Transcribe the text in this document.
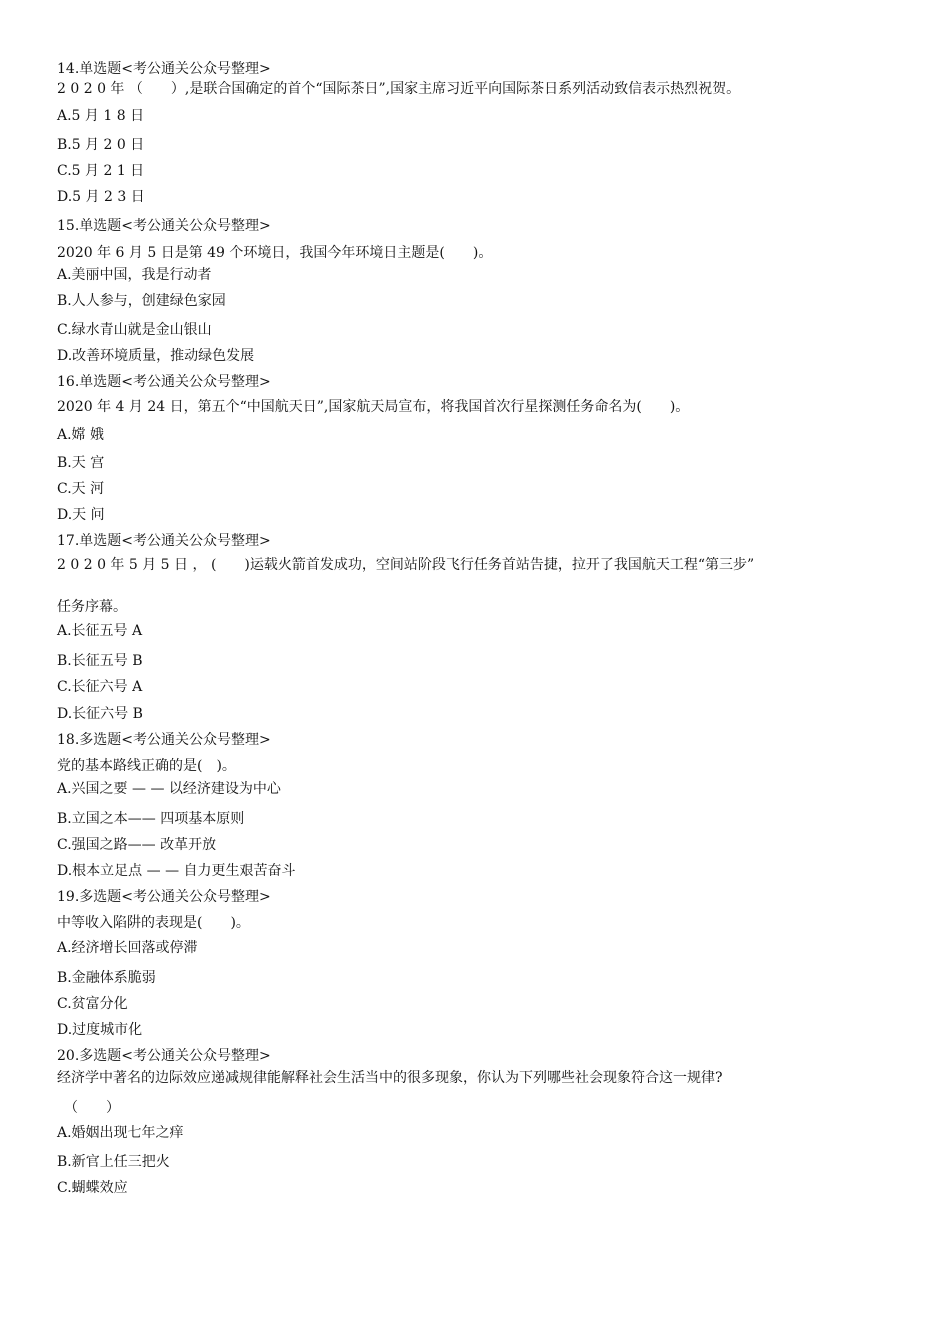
14.单选题<考公通关公众号整理>
2 0 2 0 年 （　　）,是联合国确定的首个“国际茶日”,国家主席习近平向国际茶日系列活动致信表示热烈祝贺。
A.5 月 1 8 日
B.5 月 2 0 日
C.5 月 2 1 日
D.5 月 2 3 日
15.单选题<考公通关公众号整理>
2020 年 6 月 5 日是第 49 个环境日，我国今年环境日主题是(　　)。
A.美丽中国，我是行动者
B.人人参与，创建绿色家园
C.绿水青山就是金山银山
D.改善环境质量，推动绿色发展
16.单选题<考公通关公众号整理>
2020 年 4 月 24 日，第五个“中国航天日”,国家航天局宣布，将我国首次行星探测任务命名为(　　)。
A.嫦 娥
B.天 宫
C.天 河
D.天 问
17.单选题<考公通关公众号整理>
2 0 2 0 年 5 月 5 日 ， (　　)运载火箭首发成功，空间站阶段飞行任务首站告捷，拉开了我国航天工程“第三步”
任务序幕。
A.长征五号 A
B.长征五号 B
C.长征六号 A
D.长征六号 B
18.多选题<考公通关公众号整理>
党的基本路线正确的是(　)。
A.兴国之要 — — 以经济建设为中心
B.立国之本—— 四项基本原则
C.强国之路—— 改革开放
D.根本立足点 — — 自力更生艰苦奋斗
19.多选题<考公通关公众号整理>
中等收入陷阱的表现是(　　)。
A.经济增长回落或停滞
B.金融体系脆弱
C.贫富分化
D.过度城市化
20.多选题<考公通关公众号整理>
经济学中著名的边际效应递减规律能解释社会生活当中的很多现象，你认为下列哪些社会现象符合这一规律?
（　　）
A.婚姻出现七年之痒
B.新官上任三把火
C.蝴蝶效应
